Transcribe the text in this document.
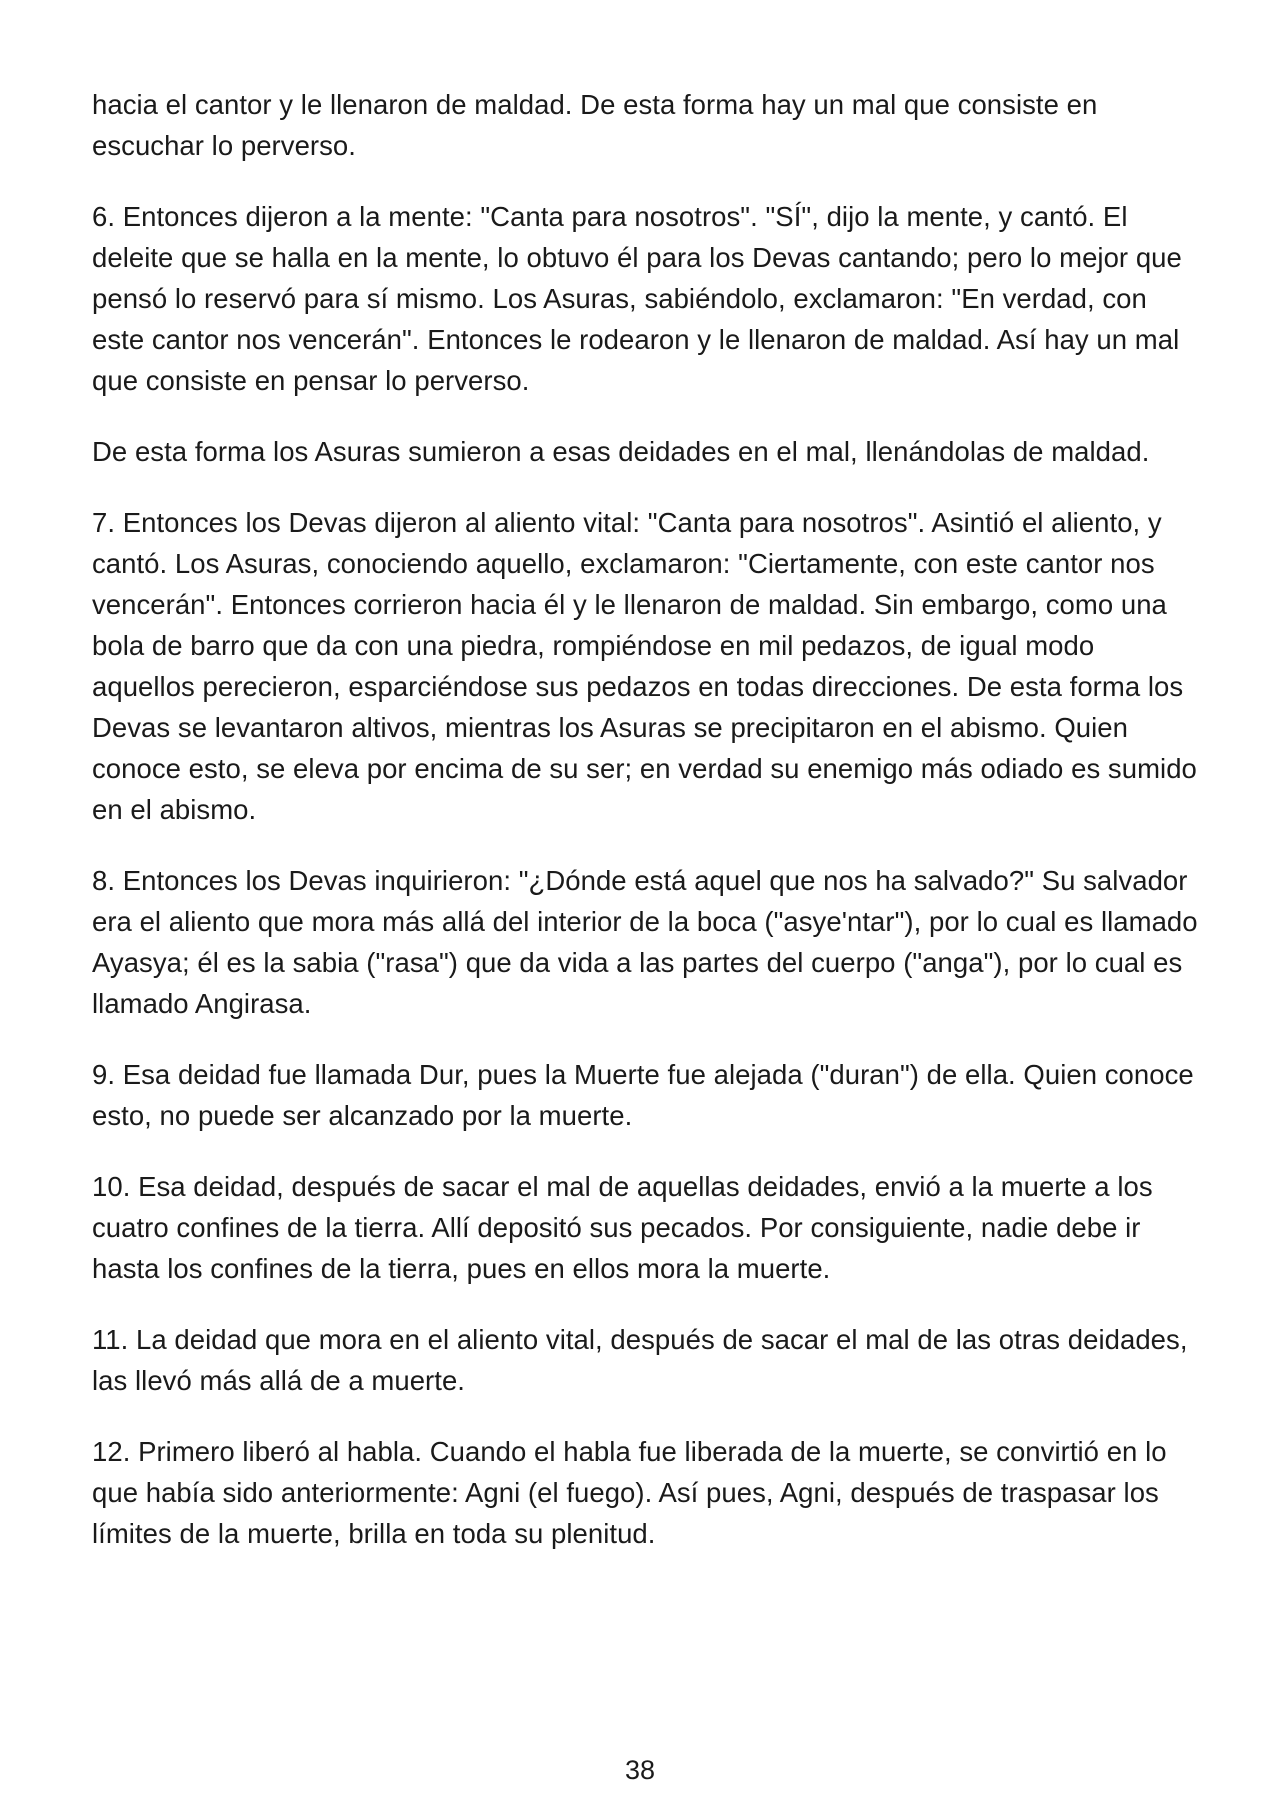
hacia el cantor y le llenaron de maldad. De esta forma hay un mal que consiste en escuchar lo perverso.

6. Entonces dijeron a la mente: "Canta para nosotros". "SÍ", dijo la mente, y cantó. El deleite que se halla en la mente, lo obtuvo él para los Devas cantando; pero lo mejor que pensó lo reservó para sí mismo. Los Asuras, sabiéndolo, exclamaron: "En verdad, con este cantor nos vencerán". Entonces le rodearon y le llenaron de maldad. Así hay un mal que consiste en pensar lo perverso.

De esta forma los Asuras sumieron a esas deidades en el mal, llenándolas de maldad.

7. Entonces los Devas dijeron al aliento vital: "Canta para nosotros". Asintió el aliento, y cantó. Los Asuras, conociendo aquello, exclamaron: "Ciertamente, con este cantor nos vencerán". Entonces corrieron hacia él y le llenaron de maldad. Sin embargo, como una bola de barro que da con una piedra, rompiéndose en mil pedazos, de igual modo aquellos perecieron, esparciéndose sus pedazos en todas direcciones. De esta forma los Devas se levantaron altivos, mientras los Asuras se precipitaron en el abismo. Quien conoce esto, se eleva por encima de su ser; en verdad su enemigo más odiado es sumido en el abismo.

8. Entonces los Devas inquirieron: "¿Dónde está aquel que nos ha salvado?" Su salvador era el aliento que mora más allá del interior de la boca ("asye'ntar"), por lo cual es llamado Ayasya; él es la sabia ("rasa") que da vida a las partes del cuerpo ("anga"), por lo cual es llamado Angirasa.

9. Esa deidad fue llamada Dur, pues la Muerte fue alejada ("duran") de ella. Quien conoce esto, no puede ser alcanzado por la muerte.

10. Esa deidad, después de sacar el mal de aquellas deidades, envió a la muerte a los cuatro confines de la tierra. Allí depositó sus pecados. Por consiguiente, nadie debe ir hasta los confines de la tierra, pues en ellos mora la muerte.

11. La deidad que mora en el aliento vital, después de sacar el mal de las otras deidades, las llevó más allá de a muerte.

12. Primero liberó al habla. Cuando el habla fue liberada de la muerte, se convirtió en lo que había sido anteriormente: Agni (el fuego). Así pues, Agni, después de traspasar los límites de la muerte, brilla en toda su plenitud.

38
